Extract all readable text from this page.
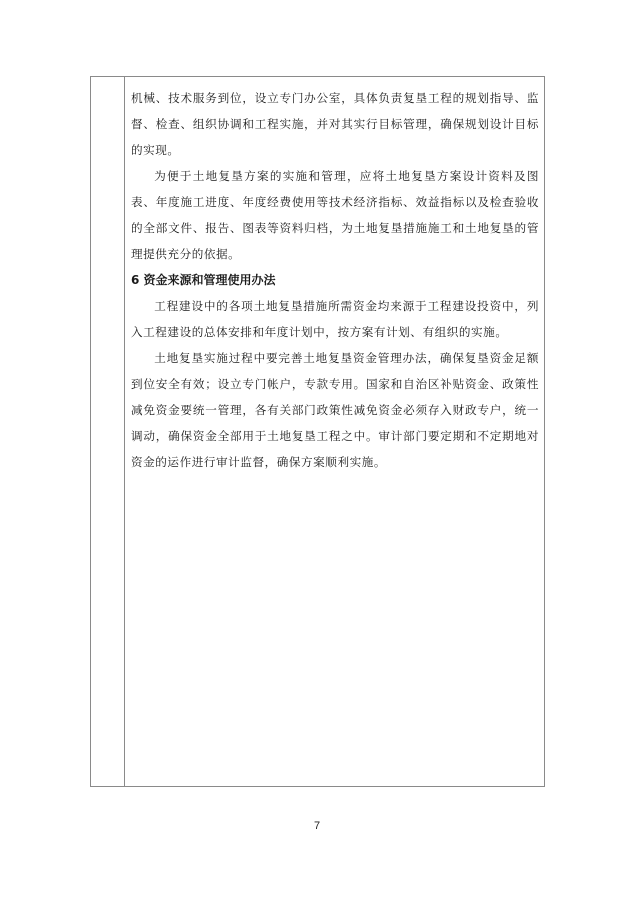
机械、技术服务到位，设立专门办公室，具体负责复垦工程的规划指导、监督、检查、组织协调和工程实施，并对其实行目标管理，确保规划设计目标的实现。

为便于土地复垦方案的实施和管理，应将土地复垦方案设计资料及图表、年度施工进度、年度经费使用等技术经济指标、效益指标以及检查验收的全部文件、报告、图表等资料归档，为土地复垦措施施工和土地复垦的管理提供充分的依据。

6 资金来源和管理使用办法

工程建设中的各项土地复垦措施所需资金均来源于工程建设投资中，列入工程建设的总体安排和年度计划中，按方案有计划、有组织的实施。

土地复垦实施过程中要完善土地复垦资金管理办法，确保复垦资金足额到位安全有效；设立专门帐户，专款专用。国家和自治区补贴资金、政策性减免资金要统一管理，各有关部门政策性减免资金必须存入财政专户，统一调动，确保资金全部用于土地复垦工程之中。审计部门要定期和不定期地对资金的运作进行审计监督，确保方案顺利实施。

7
